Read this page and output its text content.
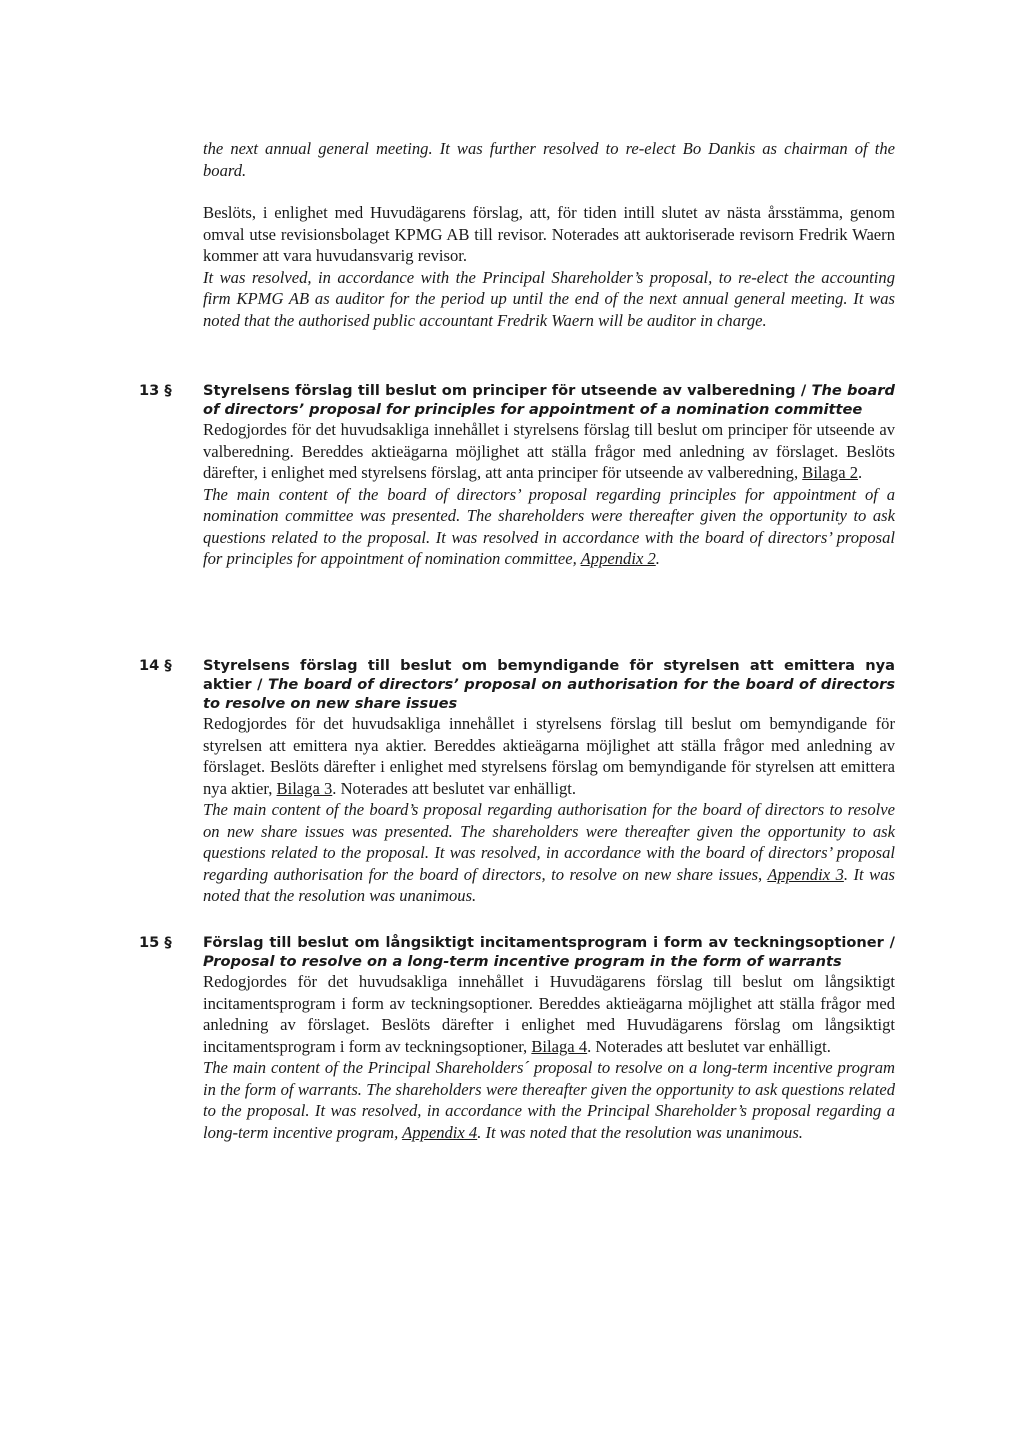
the next annual general meeting. It was further resolved to re-elect Bo Dankis as chairman of the board.

Beslöts, i enlighet med Huvudägarens förslag, att, för tiden intill slutet av nästa årsstämma, genom omval utse revisionsbolaget KPMG AB till revisor. Noterades att auktoriserade revisorn Fredrik Waern kommer att vara huvudansvarig revisor.

It was resolved, in accordance with the Principal Shareholder’s proposal, to re-elect the accounting firm KPMG AB as auditor for the period up until the end of the next annual general meeting. It was noted that the authorised public accountant Fredrik Waern will be auditor in charge.

13 §	Styrelsens förslag till beslut om principer för utseende av valberedning / The board of directors’ proposal for principles for appointment of a nomination committee

Redogjordes för det huvudsakliga innehållet i styrelsens förslag till beslut om principer för utseende av valberedning. Bereddes aktieägarna möjlighet att ställa frågor med anledning av förslaget. Beslöts därefter, i enlighet med styrelsens förslag, att anta principer för utseende av valberedning, Bilaga 2.

The main content of the board of directors’ proposal regarding principles for appointment of a nomination committee was presented. The shareholders were thereafter given the opportunity to ask questions related to the proposal. It was resolved in accordance with the board of directors’ proposal for principles for appointment of nomination committee, Appendix 2.

14 §	Styrelsens förslag till beslut om bemyndigande för styrelsen att emittera nya aktier / The board of directors’ proposal on authorisation for the board of directors to resolve on new share issues

Redogjordes för det huvudsakliga innehållet i styrelsens förslag till beslut om bemyndigande för styrelsen att emittera nya aktier. Bereddes aktieägarna möjlighet att ställa frågor med anledning av förslaget. Beslöts därefter i enlighet med styrelsens förslag om bemyndigande för styrelsen att emittera nya aktier, Bilaga 3. Noterades att beslutet var enhälligt.

The main content of the board’s proposal regarding authorisation for the board of directors to resolve on new share issues was presented. The shareholders were thereafter given the opportunity to ask questions related to the proposal. It was resolved, in accordance with the board of directors’ proposal regarding authorisation for the board of directors, to resolve on new share issues, Appendix 3. It was noted that the resolution was unanimous.

15 §	Förslag till beslut om långsiktigt incitamentsprogram i form av teckningsoptioner / Proposal to resolve on a long-term incentive program in the form of warrants

Redogjordes för det huvudsakliga innehållet i Huvudägarens förslag till beslut om långsiktigt incitamentsprogram i form av teckningsoptioner. Bereddes aktieägarna möjlighet att ställa frågor med anledning av förslaget. Beslöts därefter i enlighet med Huvudägarens förslag om långsiktigt incitamentsprogram i form av teckningsoptioner, Bilaga 4. Noterades att beslutet var enhälligt.

The main content of the Principal Shareholders´ proposal to resolve on a long-term incentive program in the form of warrants. The shareholders were thereafter given the opportunity to ask questions related to the proposal. It was resolved, in accordance with the Principal Shareholder’s proposal regarding a long-term incentive program, Appendix 4. It was noted that the resolution was unanimous.
